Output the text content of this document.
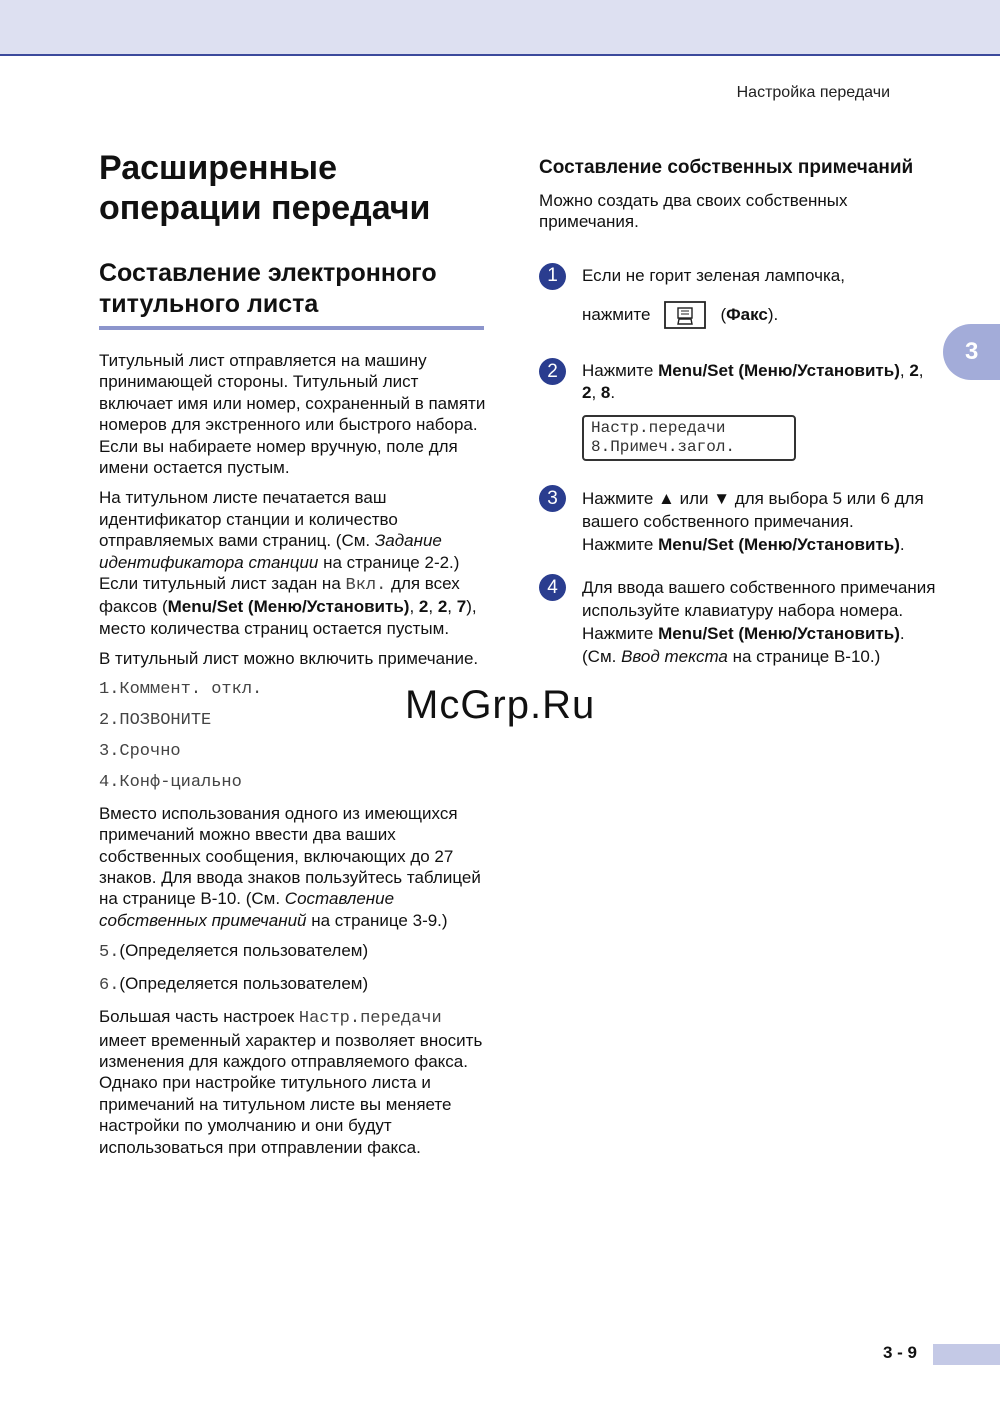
Настройка передачи
3
Расширенные операции передачи
Составление электронного титульного листа

Титульный лист отправляется на машину принимающей стороны. Титульный лист включает имя или номер, сохраненный в памяти номеров для экстренного или быстрого набора. Если вы набираете номер вручную, поле для имени остается пустым.

На титульном листе печатается ваш идентификатор станции и количество отправляемых вами страниц. (См. Задание идентификатора станции на странице 2-2.) Если титульный лист задан на Вкл. для всех факсов (Menu/Set (Меню/Установить), 2, 2, 7), место количества страниц остается пустым.

В титульный лист можно включить примечание.

1.Коммент. откл.
2.ПОЗВОНИТЕ
3.Срочно
4.Конф-циально

Вместо использования одного из имеющихся примечаний можно ввести два ваших собственных сообщения, включающих до 27 знаков. Для ввода знаков пользуйтесь таблицей на странице B-10. (См. Составление собственных примечаний на странице 3-9.)

5.(Определяется пользователем)
6.(Определяется пользователем)

Большая часть настроек Настр.передачи имеет временный характер и позволяет вносить изменения для каждого отправляемого факса. Однако при настройке титульного листа и примечаний на титульном листе вы меняете настройки по умолчанию и они будут использоваться при отправлении факса.

Составление собственных примечаний

Можно создать два своих собственных примечания.

1	Если не горит зеленая лампочка,

нажмите	( Факс ).
2	Нажмите Menu/Set (Меню/Установить), 2, 2, 8.

Настр.передачи
8.Примеч.загол.
3	Нажмите ▲ или ▼ для выбора 5 или 6 для вашего собственного примечания.

Нажмите Menu/Set (Меню/Установить).

4	Для ввода вашего собственного примечания используйте клавиатуру набора номера.

Нажмите Menu/Set (Меню/Установить).

(См. Ввод текста на странице B-10.)

McGrp.Ru
3 - 9
